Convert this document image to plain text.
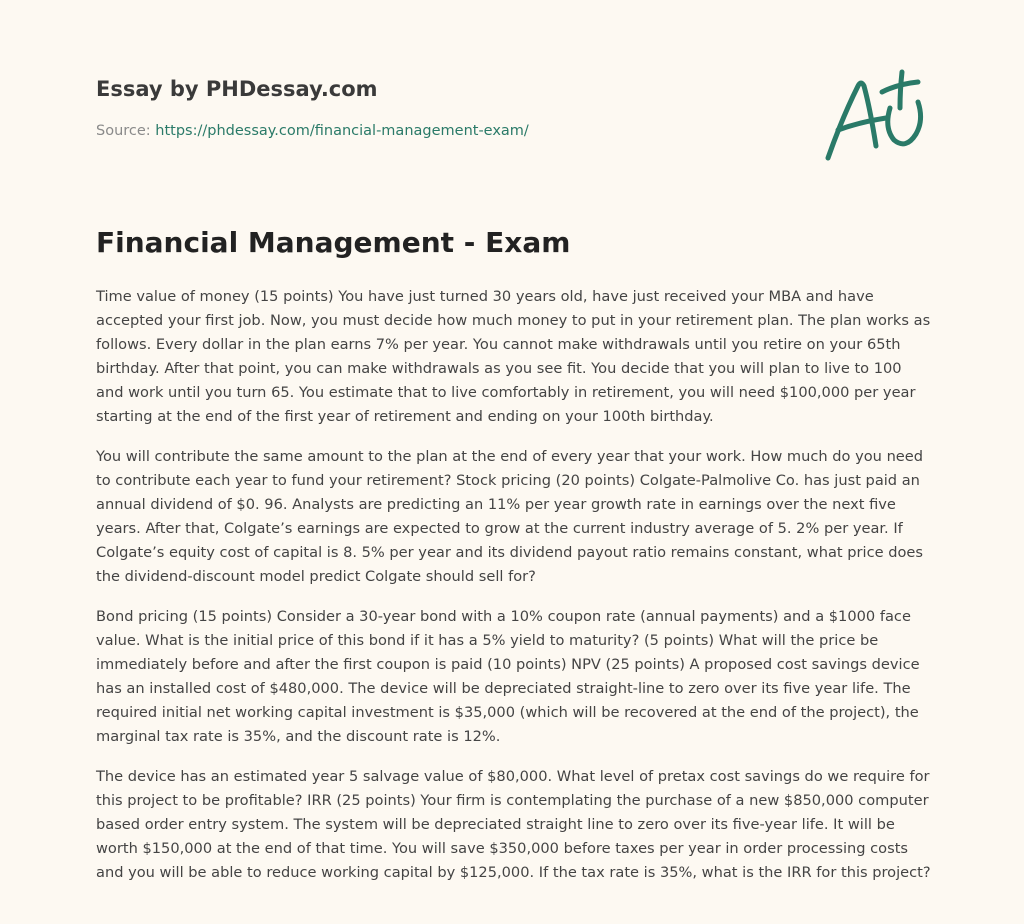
Essay by PHDessay.com
Source: https://phdessay.com/financial-management-exam/
Financial Management - Exam

Time value of money (15 points) You have just turned 30 years old, have just received your MBA and have accepted your first job. Now, you must decide how much money to put in your retirement plan. The plan works as follows. Every dollar in the plan earns 7% per year. You cannot make withdrawals until you retire on your 65th birthday. After that point, you can make withdrawals as you see fit. You decide that you will plan to live to 100 and work until you turn 65. You estimate that to live comfortably in retirement, you will need $100,000 per year starting at the end of the first year of retirement and ending on your 100th birthday.

You will contribute the same amount to the plan at the end of every year that your work. How much do you need to contribute each year to fund your retirement? Stock pricing (20 points) Colgate-Palmolive Co. has just paid an annual dividend of $0. 96. Analysts are predicting an 11% per year growth rate in earnings over the next five years. After that, Colgate’s earnings are expected to grow at the current industry average of 5. 2% per year. If Colgate’s equity cost of capital is 8. 5% per year and its dividend payout ratio remains constant, what price does the dividend-discount model predict Colgate should sell for?

Bond pricing (15 points) Consider a 30-year bond with a 10% coupon rate (annual payments) and a $1000 face value. What is the initial price of this bond if it has a 5% yield to maturity? (5 points) What will the price be immediately before and after the first coupon is paid (10 points) NPV (25 points) A proposed cost savings device has an installed cost of $480,000. The device will be depreciated straight-line to zero over its five year life. The required initial net working capital investment is $35,000 (which will be recovered at the end of the project), the marginal tax rate is 35%, and the discount rate is 12%.

The device has an estimated year 5 salvage value of $80,000. What level of pretax cost savings do we require for this project to be profitable? IRR (25 points) Your firm is contemplating the purchase of a new $850,000 computer based order entry system. The system will be depreciated straight line to zero over its five-year life. It will be worth $150,000 at the end of that time. You will save $350,000 before taxes per year in order processing costs and you will be able to reduce working capital by $125,000. If the tax rate is 35%, what is the IRR for this project?
